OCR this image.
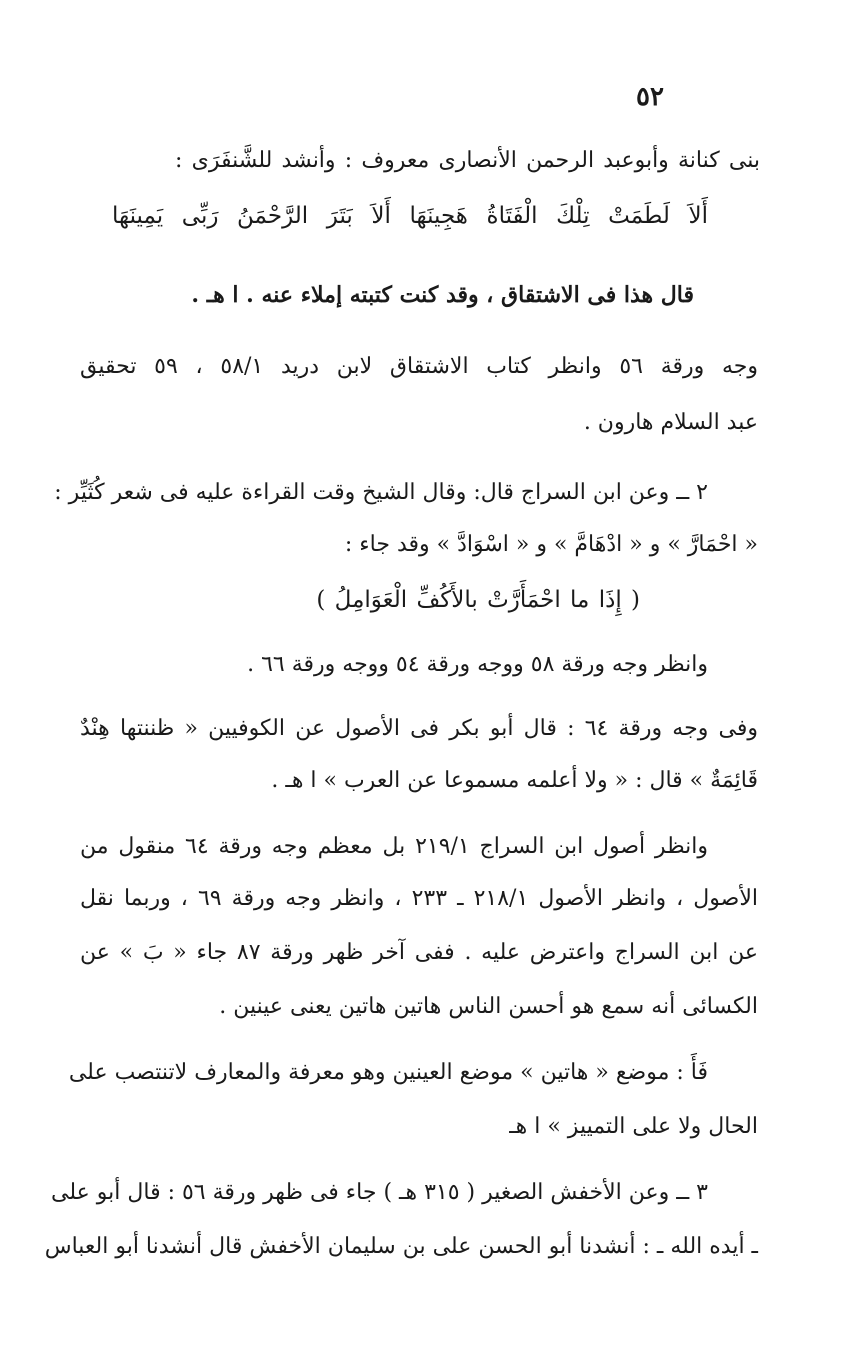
٥٢
بنى كنانة وأبوعبد الرحمن الأنصارى معروف : وأنشد للشَّنفَرَى :
أَلاَ لَطَمَتْ تِلْكَ الْفَتَاةُ هَجِينَهَا أَلاَ بَتَرَ الرَّحْمَنُ رَبِّى يَمِينَهَا
قال هذا فى الاشتقاق ، وقد كنت كتبته إملاء عنه . ا هـ .
وجه ورقة ٥٦ وانظر كتاب الاشتقاق لابن دريد ٥٨/١ ، ٥٩ تحقيق
عبد السلام هارون .
٢ ــ وعن ابن السراج قال: وقال الشيخ وقت القراءة عليه فى شعر كُثَيِّر :
« احْمَارَّ » و « ادْهَامَّ » و « اسْوَادَّ » وقد جاء :
( إِذَا ما احْمَأَرَّتْ بالأَكُفِّ الْعَوَامِلُ )
وانظر وجه ورقة ٥٨ ووجه ورقة ٥٤ ووجه ورقة ٦٦ .
وفى وجه ورقة ٦٤ : قال أبو بكر فى الأصول عن الكوفيين « ظننتها هِنْدٌ
قَائِمَةٌ » قال : « ولا أعلمه مسموعا عن العرب » ا هـ .
وانظر أصول ابن السراج ٢١٩/١ بل معظم وجه ورقة ٦٤ منقول من
الأصول ، وانظر الأصول ٢١٨/١ ـ ٢٣٣ ، وانظر وجه ورقة ٦٩ ، وربما نقل
عن ابن السراج واعترض عليه . ففى آخر ظهر ورقة ٨٧ جاء « بَ » عن
الكسائى أنه سمع هو أحسن الناس هاتين هاتين يعنى عينين .
فَأَ : موضع « هاتين » موضع العينين وهو معرفة والمعارف لاتنتصب على
الحال ولا على التمييز » ا هـ
٣ ــ وعن الأخفش الصغير ( ٣١٥ هـ ) جاء فى ظهر ورقة ٥٦ : قال أبو على
ـ أيده الله ـ : أنشدنا أبو الحسن على بن سليمان الأخفش قال أنشدنا أبو العباس
